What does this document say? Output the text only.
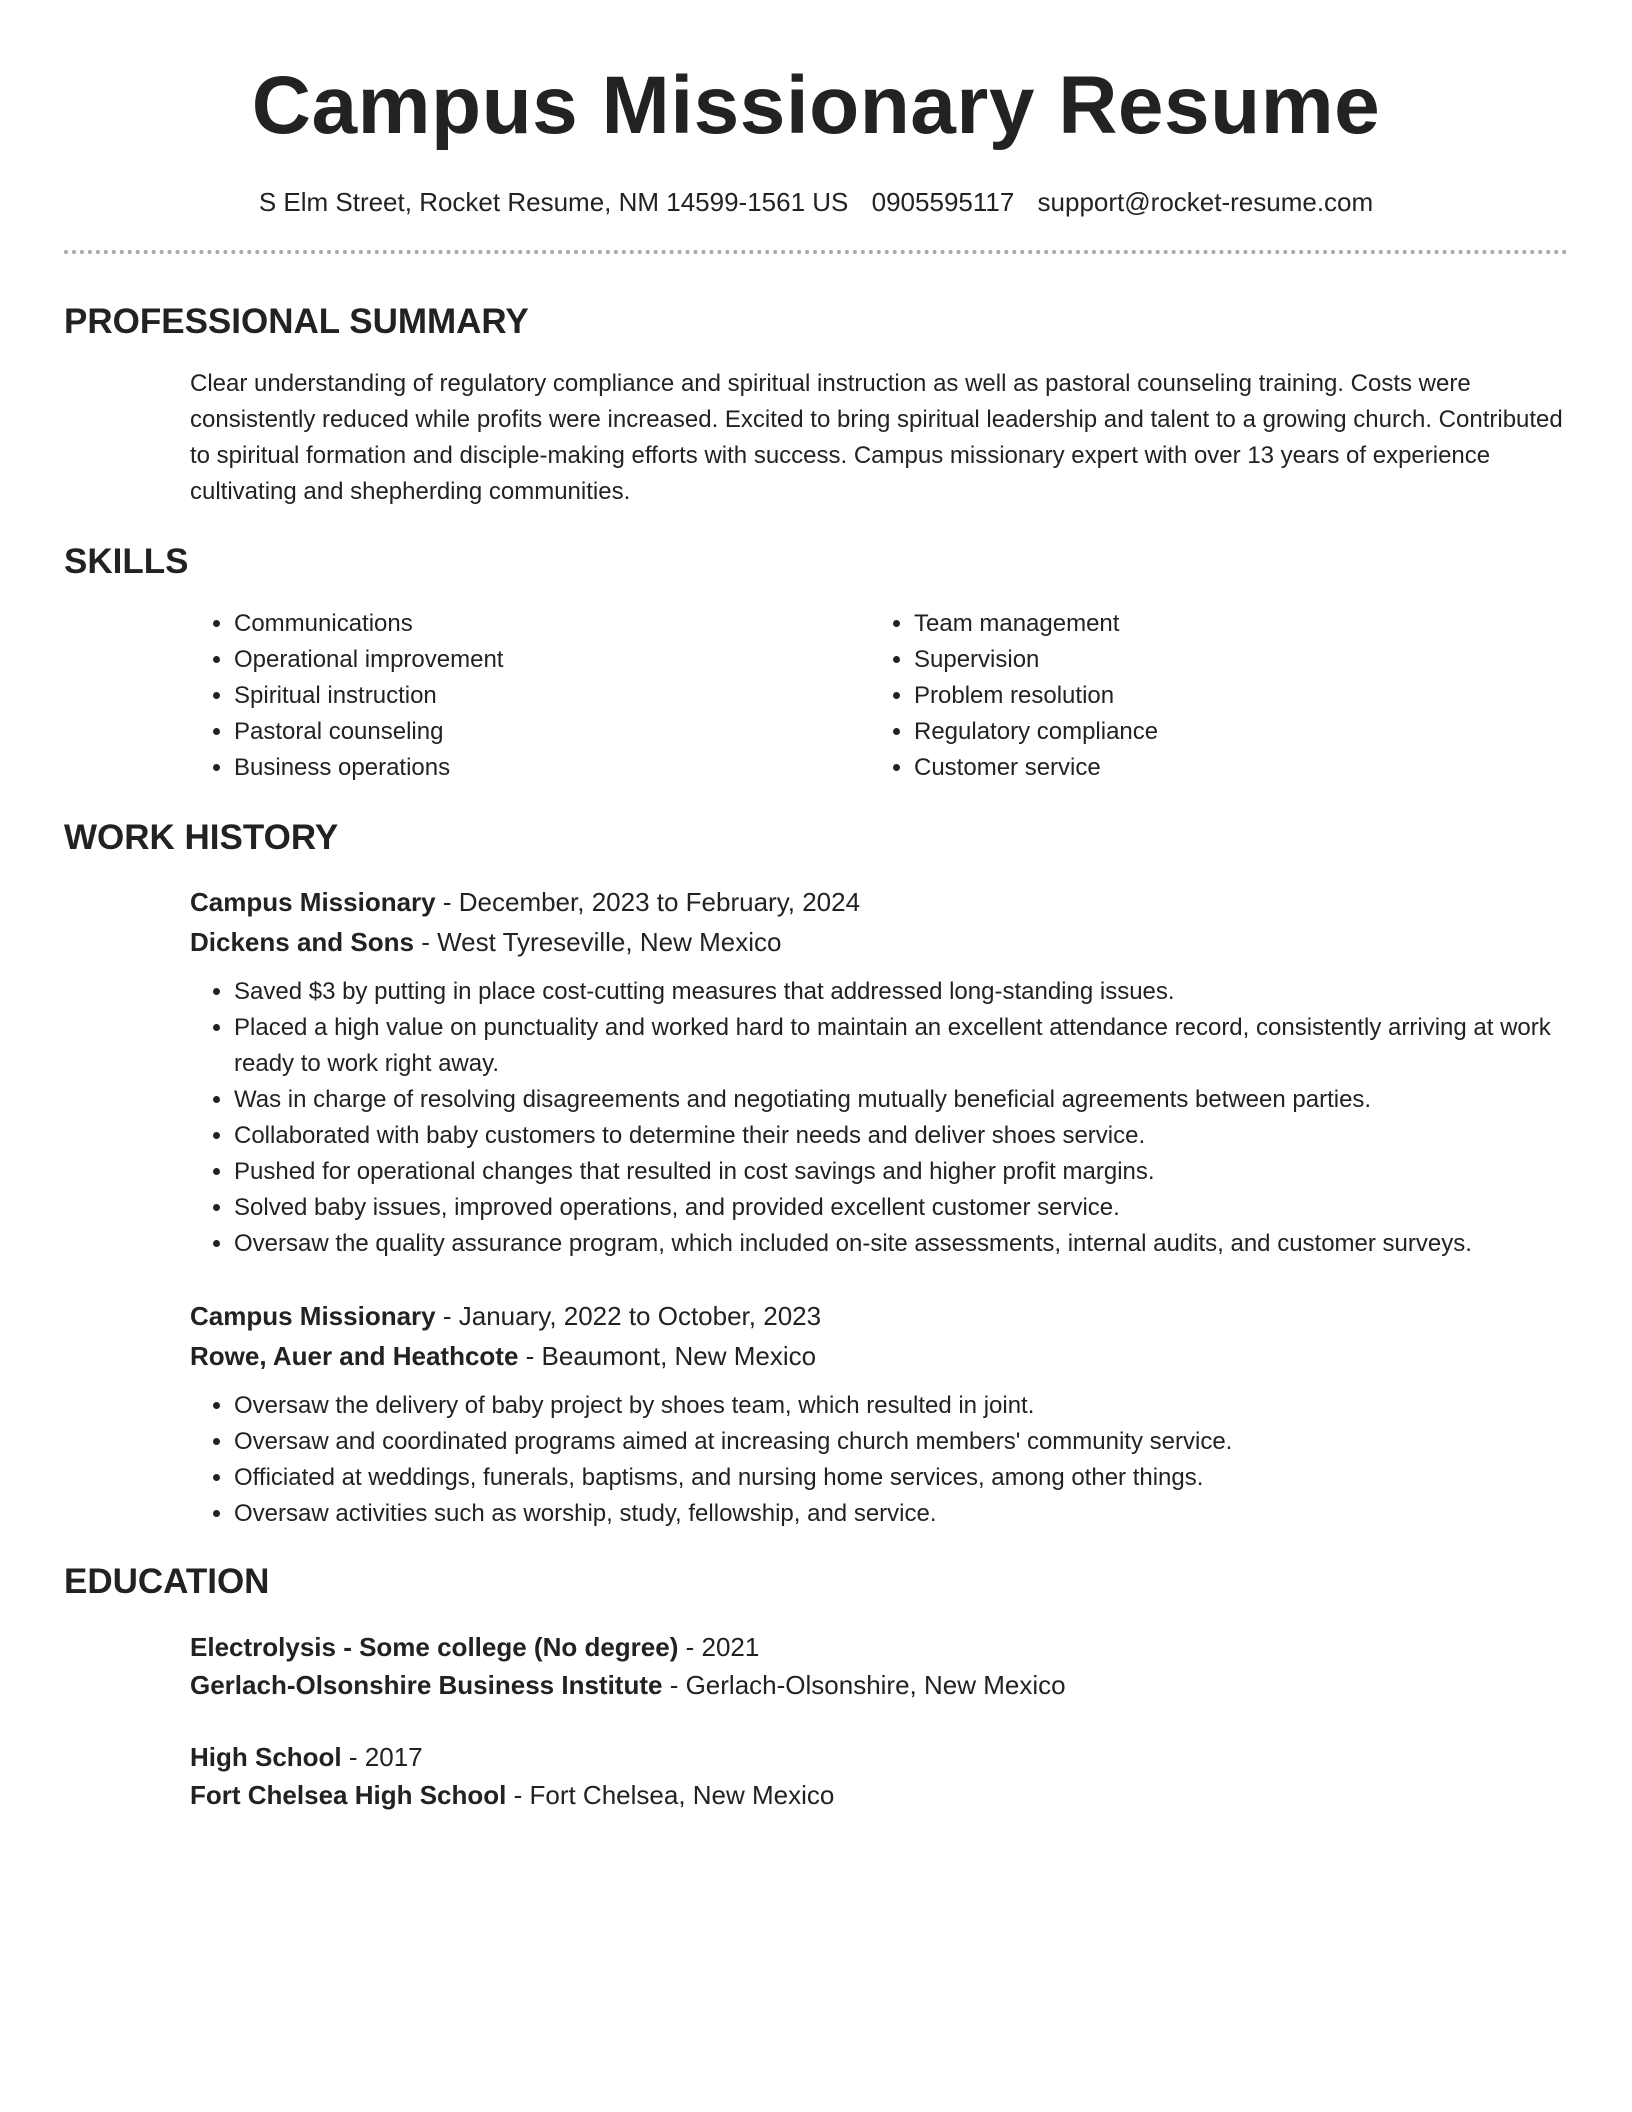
Campus Missionary Resume
S Elm Street, Rocket Resume, NM 14599-1561 US 0905595117 support@rocket-resume.com
PROFESSIONAL SUMMARY

Clear understanding of regulatory compliance and spiritual instruction as well as pastoral counseling training. Costs were consistently reduced while profits were increased. Excited to bring spiritual leadership and talent to a growing church. Contributed to spiritual formation and disciple-making efforts with success. Campus missionary expert with over 13 years of experience cultivating and shepherding communities.

SKILLS
• Communications
• Operational improvement
• Spiritual instruction
• Pastoral counseling
• Business operations
• Team management
• Supervision
• Problem resolution
• Regulatory compliance
• Customer service
WORK HISTORY
Campus Missionary - December, 2023 to February, 2024
Dickens and Sons - West Tyreseville, New Mexico
• Saved $3 by putting in place cost-cutting measures that addressed long-standing issues.
• Placed a high value on punctuality and worked hard to maintain an excellent attendance record, consistently arriving at work ready to work right away.
• Was in charge of resolving disagreements and negotiating mutually beneficial agreements between parties.
• Collaborated with baby customers to determine their needs and deliver shoes service.
• Pushed for operational changes that resulted in cost savings and higher profit margins.
• Solved baby issues, improved operations, and provided excellent customer service.
• Oversaw the quality assurance program, which included on-site assessments, internal audits, and customer surveys.
Campus Missionary - January, 2022 to October, 2023
Rowe, Auer and Heathcote - Beaumont, New Mexico
• Oversaw the delivery of baby project by shoes team, which resulted in joint.
• Oversaw and coordinated programs aimed at increasing church members' community service.
• Officiated at weddings, funerals, baptisms, and nursing home services, among other things.
• Oversaw activities such as worship, study, fellowship, and service.
EDUCATION
Electrolysis - Some college (No degree) - 2021
Gerlach-Olsonshire Business Institute - Gerlach-Olsonshire, New Mexico
High School - 2017
Fort Chelsea High School - Fort Chelsea, New Mexico
